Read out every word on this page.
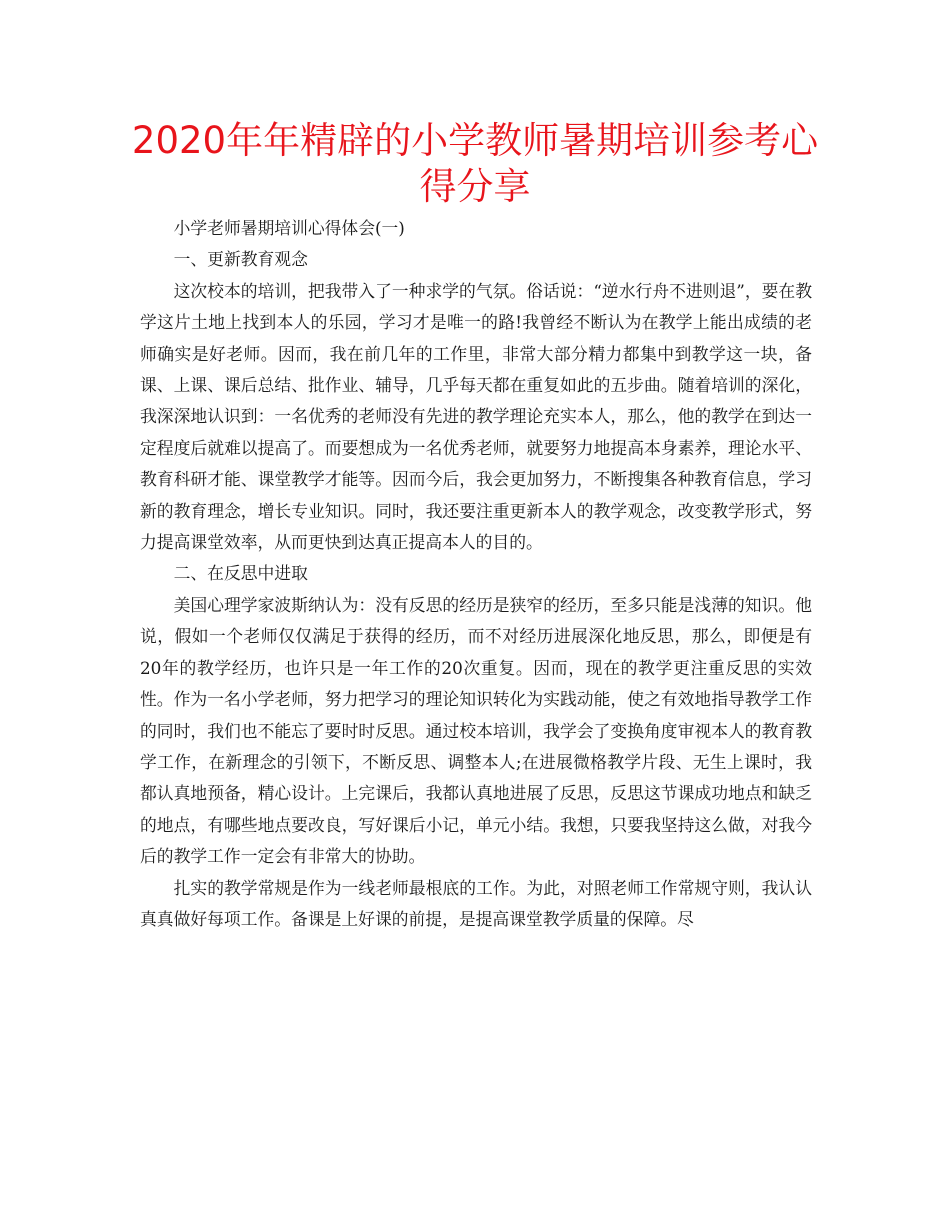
2020年年精辟的小学教师暑期培训参考心得分享

小学老师暑期培训心得体会(一)

一、更新教育观念

这次校本的培训，把我带入了一种求学的气氛。俗话说：“逆水行舟不进则退”，要在教学这片土地上找到本人的乐园，学习才是唯一的路!我曾经不断认为在教学上能出成绩的老师确实是好老师。因而，我在前几年的工作里，非常大部分精力都集中到教学这一块，备课、上课、课后总结、批作业、辅导，几乎每天都在重复如此的五步曲。随着培训的深化，我深深地认识到：一名优秀的老师没有先进的教学理论充实本人，那么，他的教学在到达一定程度后就难以提高了。而要想成为一名优秀老师，就要努力地提高本身素养，理论水平、教育科研才能、课堂教学才能等。因而今后，我会更加努力，不断搜集各种教育信息，学习新的教育理念，增长专业知识。同时，我还要注重更新本人的教学观念，改变教学形式，努力提高课堂效率，从而更快到达真正提高本人的目的。

二、在反思中进取

美国心理学家波斯纳认为：没有反思的经历是狭窄的经历，至多只能是浅薄的知识。他说，假如一个老师仅仅满足于获得的经历，而不对经历进展深化地反思，那么，即便是有20年的教学经历，也许只是一年工作的20次重复。因而，现在的教学更注重反思的实效性。作为一名小学老师，努力把学习的理论知识转化为实践动能，使之有效地指导教学工作的同时，我们也不能忘了要时时反思。通过校本培训，我学会了变换角度审视本人的教育教学工作，在新理念的引领下，不断反思、调整本人;在进展微格教学片段、无生上课时，我都认真地预备，精心设计。上完课后，我都认真地进展了反思，反思这节课成功地点和缺乏的地点，有哪些地点要改良，写好课后小记，单元小结。我想，只要我坚持这么做，对我今后的教学工作一定会有非常大的协助。

扎实的教学常规是作为一线老师最根底的工作。为此，对照老师工作常规守则，我认认真真做好每项工作。备课是上好课的前提，是提高课堂教学质量的保障。尽
